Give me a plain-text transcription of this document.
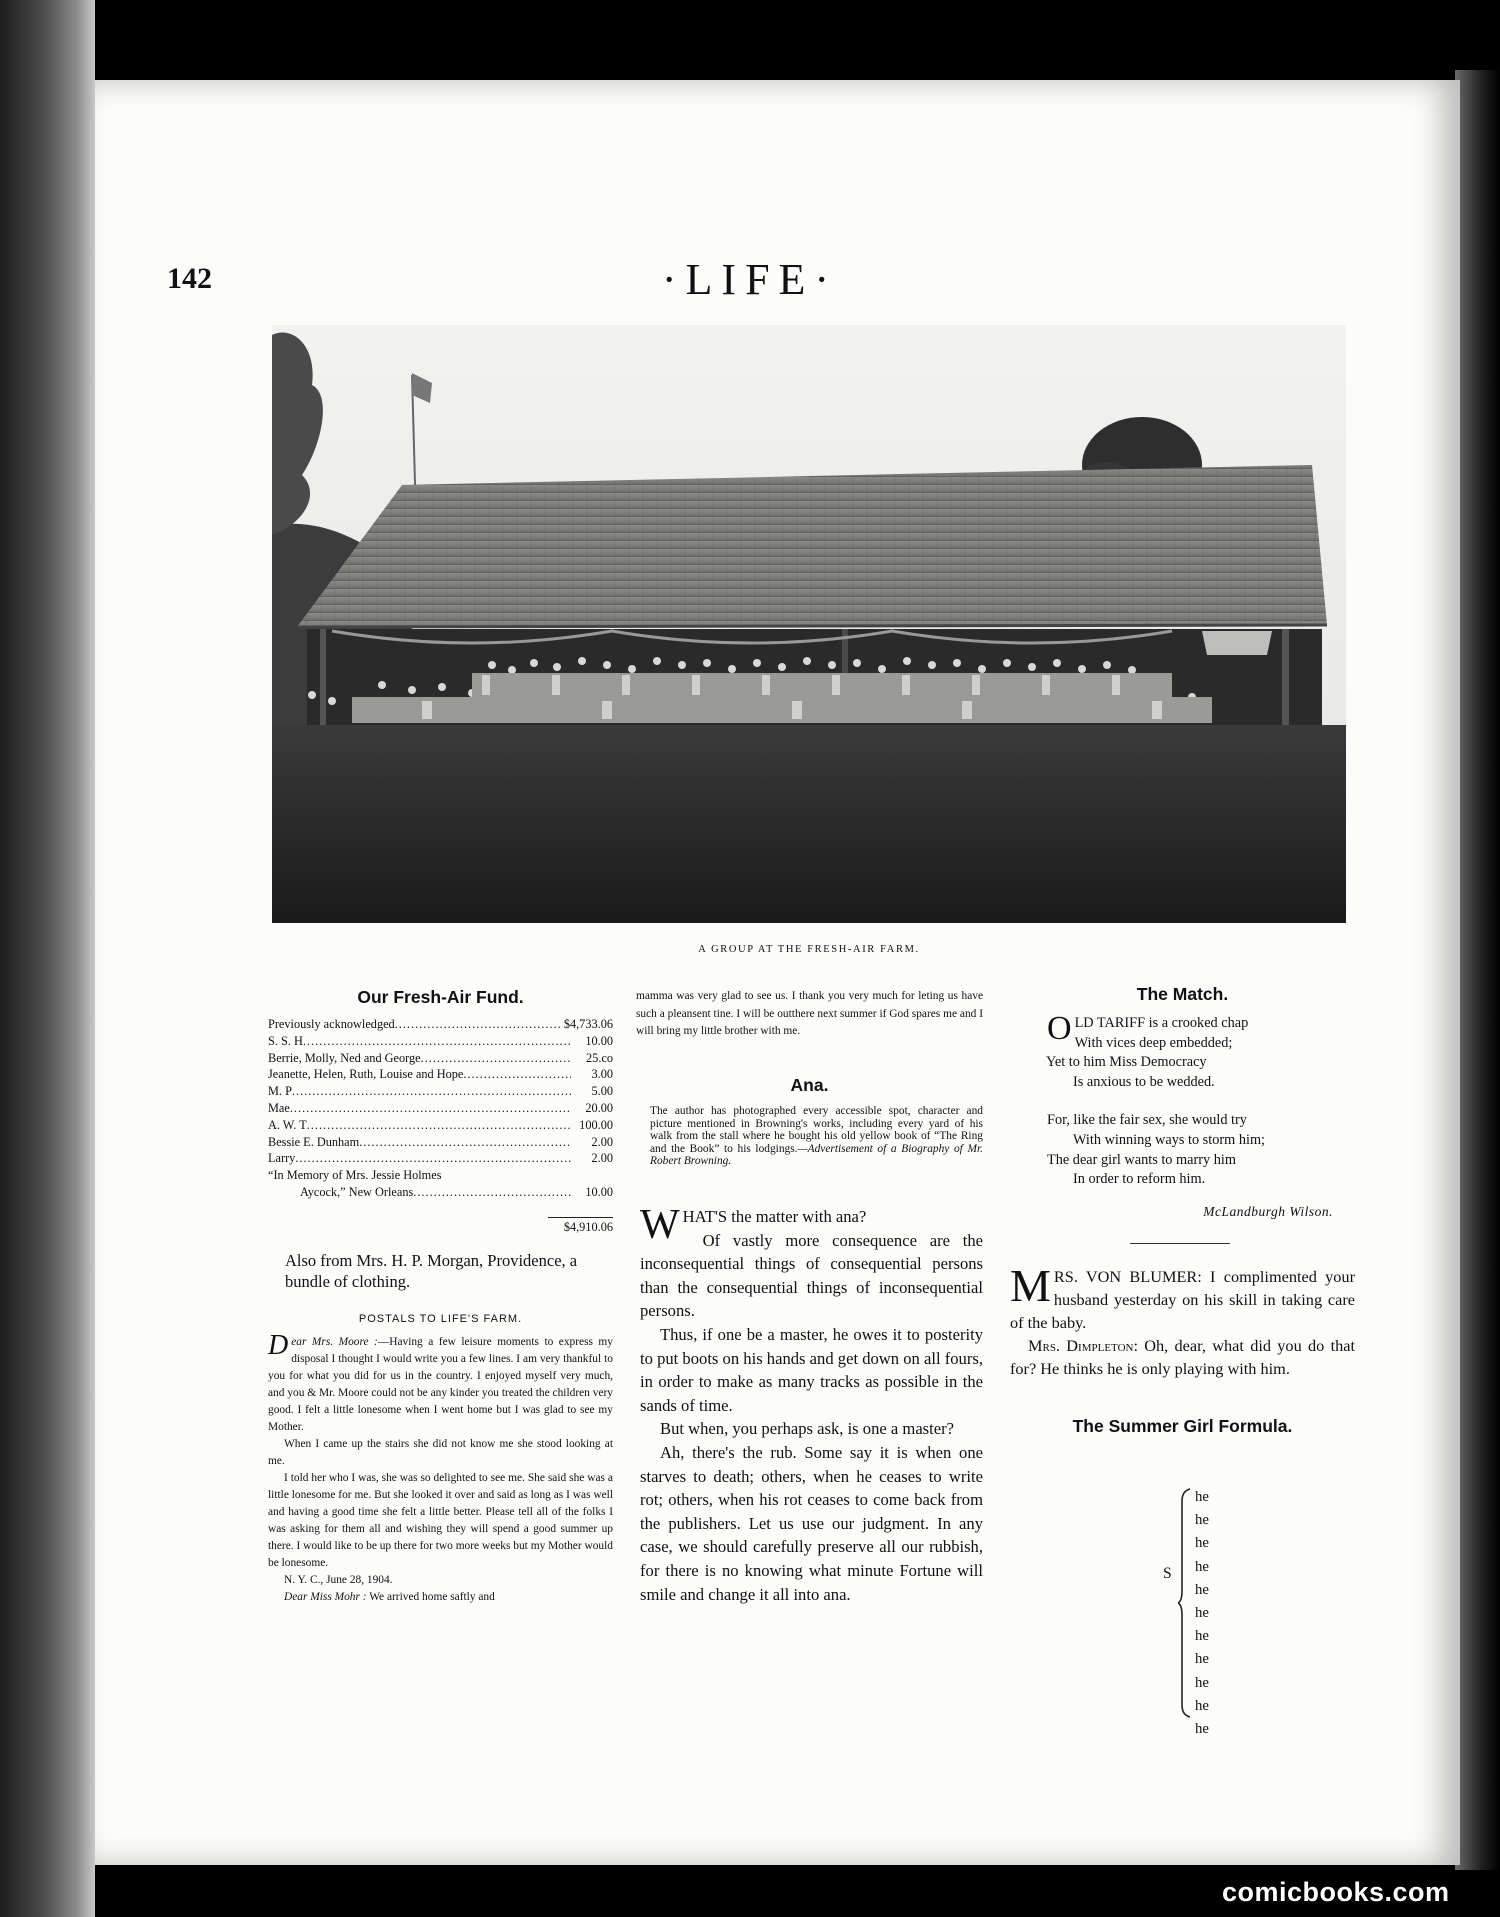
142	·LIFE·
A GROUP AT THE FRESH-AIR FARM.
Our Fresh-Air Fund.
Previously acknowledged .....	$4,733.06
S. S. H .....	10.00
Berrie, Molly, Ned and George .....	25.co
Jeanette, Helen, Ruth, Louise and Hope .....	3.00
M. P .....	5.00
Mae .....	20.00
A. W. T .....	100.00
Bessie E. Dunham .....	2.00
Larry .....	2.00
“In Memory of Mrs. Jessie Holmes
Aycock,” New Orleans .....	10.00
$4,910.06
Also from Mrs. H. P. Morgan, Providence, a bundle of clothing.
POSTALS TO LIFE'S FARM.

Dear Mrs. Moore :—Having a few leisure moments to express my disposal I thought I would write you a few lines. I am very thankful to you for what you did for us in the country. I enjoyed myself very much, and you & Mr. Moore could not be any kinder you treated the children very good. I felt a little lonesome when I went home but I was glad to see my Mother.

When I came up the stairs she did not know me she stood looking at me.

I told her who I was, she was so delighted to see me. She said she was a little lonesome for me. But she looked it over and said as long as I was well and having a good time she felt a little better. Please tell all of the folks I was asking for them all and wishing they will spend a good summer up there. I would like to be up there for two more weeks but my Mother would be lonesome.

N. Y. C., June 28, 1904.

Dear Miss Mohr : We arrived home saftly and

mamma was very glad to see us. I thank you very much for leting us have such a pleansent tine. I will be outthere next summer if God spares me and I will bring my little brother with me.
Ana.
The author has photographed every accessible spot, character and picture mentioned in Browning's works, including every yard of his walk from the stall where he bought his old yellow book of “The Ring and the Book” to his lodgings.—Advertisement of a Biography of Mr. Robert Browning.

WHAT'S the matter with ana?

Of vastly more consequence are the inconsequential things of consequential persons than the consequential things of inconsequential persons.

Thus, if one be a master, he owes it to posterity to put boots on his hands and get down on all fours, in order to make as many tracks as possible in the sands of time.

But when, you perhaps ask, is one a master?

Ah, there's the rub. Some say it is when one starves to death; others, when he ceases to write rot; others, when his rot ceases to come back from the publishers. Let us use our judgment. In any case, we should carefully preserve all our rubbish, for there is no knowing what minute Fortune will smile and change it all into ana.

The Match.
OLD TARIFF is a crooked chap
With vices deep embedded;
Yet to him Miss Democracy
Is anxious to be wedded.
For, like the fair sex, she would try
With winning ways to storm him;
The dear girl wants to marry him
In order to reform him.
McLandburgh Wilson.

MRS. VON BLUMER: I complimented your husband yesterday on his skill in taking care of the baby.

Mrs. Dimpleton: Oh, dear, what did you do that for? He thinks he is only playing with him.

The Summer Girl Formula.
S
he
he
he
he
he
he
he
he
he
he
he
comicbooks.com
